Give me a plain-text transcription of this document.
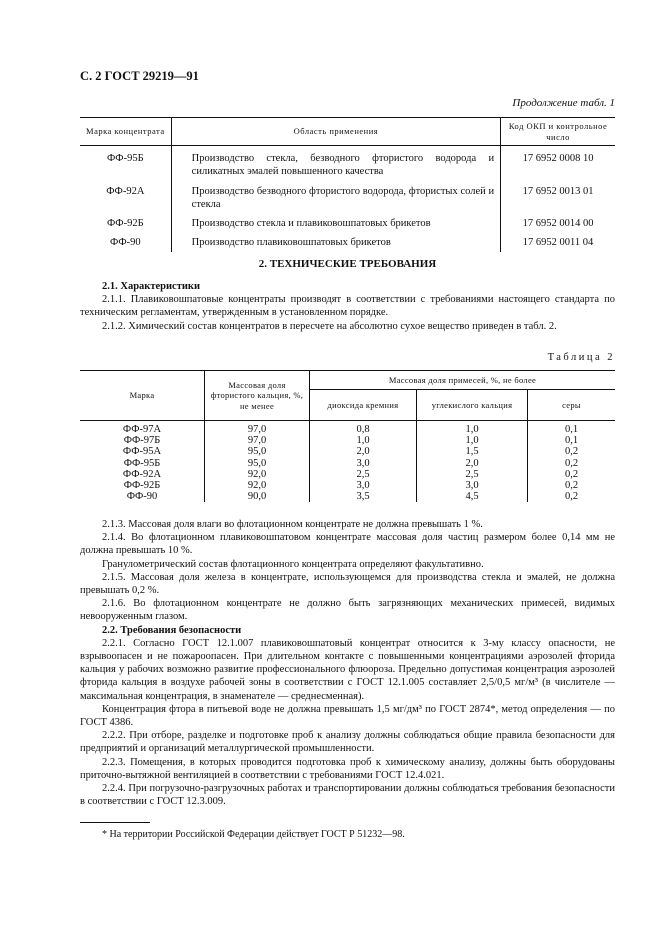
С. 2 ГОСТ 29219—91
Продолжение табл. 1
Марка концентрата	Область применения	Код ОКП и контрольное число
ФФ-95Б	Производство стекла, безводного фтористого водорода и силикатных эмалей повышенного качества	17 6952 0008 10
ФФ-92А	Производство безводного фтористого водорода, фтористых солей и стекла	17 6952 0013 01
ФФ-92Б	Производство стекла и плавиковошпатовых брикетов	17 6952 0014 00
ФФ-90	Производство плавиковошпатовых брикетов	17 6952 0011 04
2. ТЕХНИЧЕСКИЕ ТРЕБОВАНИЯ

2.1. Характеристики

2.1.1. Плавиковошпатовые концентраты производят в соответствии с требованиями настоящего стандарта по техническим регламентам, утвержденным в установленном порядке.

2.1.2. Химический состав концентратов в пересчете на абсолютно сухое вещество приведен в табл. 2.

Таблица 2
Марка	Массовая доля фтористого кальция, %, не менее	Массовая доля примесей, %, не более		
		диоксида кремния	углекислого кальция	серы
ФФ-97А	97,0	0,8	1,0	0,1
ФФ-97Б	97,0	1,0	1,0	0,1
ФФ-95А	95,0	2,0	1,5	0,2
ФФ-95Б	95,0	3,0	2,0	0,2
ФФ-92А	92,0	2,5	2,5	0,2
ФФ-92Б	92,0	3,0	3,0	0,2
ФФ-90	90,0	3,5	4,5	0,2

2.1.3. Массовая доля влаги во флотационном концентрате не должна превышать 1 %.

2.1.4. Во флотационном плавиковошпатовом концентрате массовая доля частиц размером более 0,14 мм не должна превышать 10 %.

Гранулометрический состав флотационного концентрата определяют факультативно.

2.1.5. Массовая доля железа в концентрате, использующемся для производства стекла и эмалей, не должна превышать 0,2 %.

2.1.6. Во флотационном концентрате не должно быть загрязняющих механических примесей, видимых невооруженным глазом.

2.2. Требования безопасности

2.2.1. Согласно ГОСТ 12.1.007 плавиковошпатовый концентрат относится к 3-му классу опасности, не взрывоопасен и не пожароопасен. При длительном контакте с повышенными концентрациями аэрозолей фторида кальция у рабочих возможно развитие профессионального флюороза. Предельно допустимая концентрация аэрозолей фторида кальция в воздухе рабочей зоны в соответствии с ГОСТ 12.1.005 составляет 2,5/0,5 мг/м³ (в числителе — максимальная концентрация, в знаменателе — среднесменная).

Концентрация фтора в питьевой воде не должна превышать 1,5 мг/дм³ по ГОСТ 2874*, метод определения — по ГОСТ 4386.

2.2.2. При отборе, разделке и подготовке проб к анализу должны соблюдаться общие правила безопасности для предприятий и организаций металлургической промышленности.

2.2.3. Помещения, в которых проводится подготовка проб к химическому анализу, должны быть оборудованы приточно-вытяжной вентиляцией в соответствии с требованиями ГОСТ 12.4.021.

2.2.4. При погрузочно-разгрузочных работах и транспортировании должны соблюдаться требования безопасности в соответствии с ГОСТ 12.3.009.

* На территории Российской Федерации действует ГОСТ Р 51232—98.
